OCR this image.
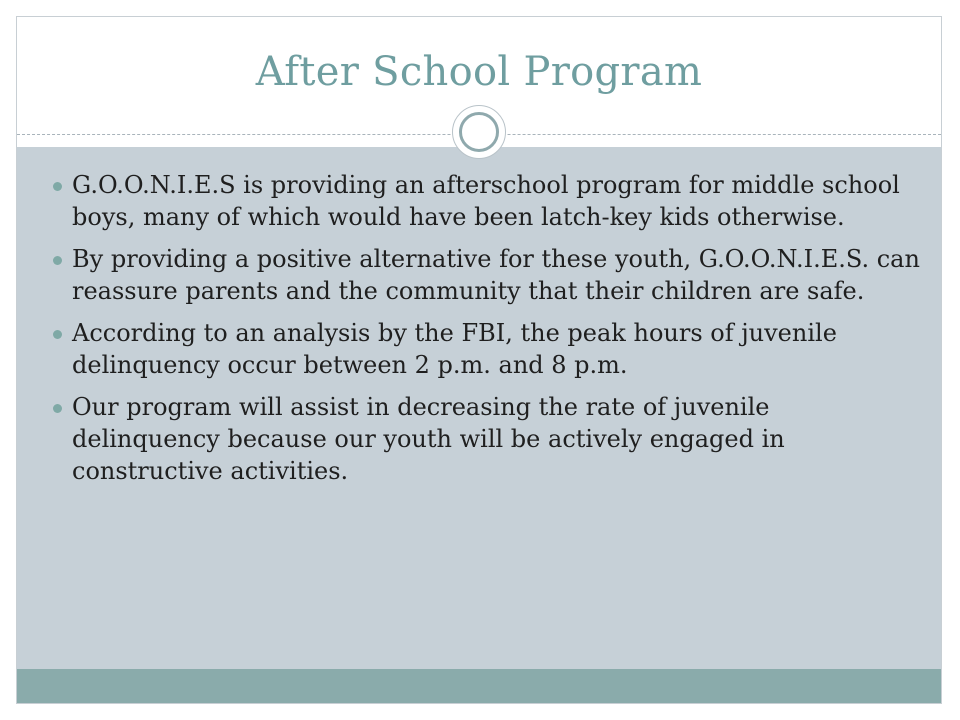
After School Program
G.O.O.N.I.E.S is providing an afterschool program for middle school boys, many of which would have been latch-key kids otherwise.
By providing a positive alternative for these youth, G.O.O.N.I.E.S. can reassure parents and the community that their children are safe.
According to an analysis by the FBI, the peak hours of juvenile delinquency occur between 2 p.m. and 8 p.m.
Our program will assist in decreasing the rate of juvenile delinquency because our youth will be actively engaged in constructive activities.
